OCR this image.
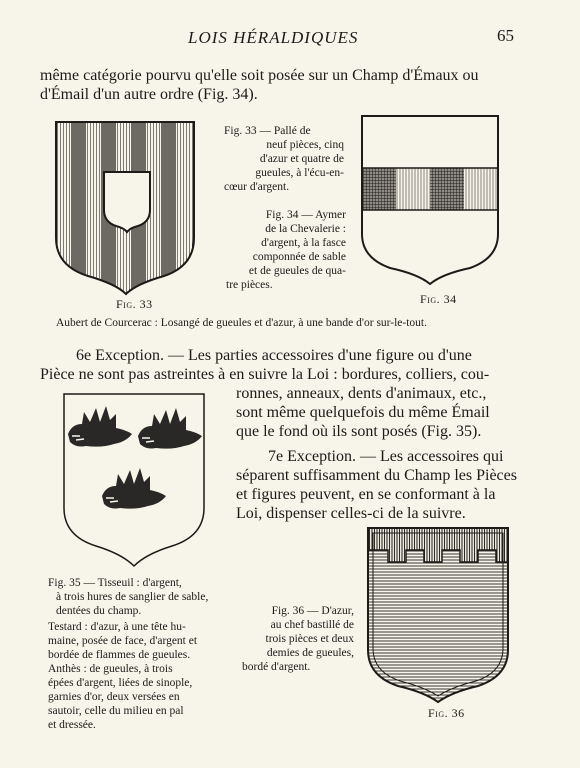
LOIS HÉRALDIQUES	65
même catégorie pourvu qu'elle soit posée sur un Champ d'Émaux ou
d'Émail d'un autre ordre (Fig. 34).
Fig. 33
Fig. 33 — Pallé de
neuf pièces, cinq
d'azur et quatre de
gueules, à l'écu-en-
cœur d'argent.
Fig. 34 — Aymer
de la Chevalerie :
d'argent, à la fasce
componnée de sable
et de gueules de qua-
tre pièces.
Fig. 34
Aubert de Courcerac : Losangé de gueules et d'azur, à une bande d'or sur-le-tout.
6e Exception. — Les parties accessoires d'une figure ou d'une
Pièce ne sont pas astreintes à en suivre la Loi : bordures, colliers, cou-
ronnes, anneaux, dents d'animaux, etc.,
sont même quelquefois du même Émail
que le fond où ils sont posés (Fig. 35).
7e Exception. — Les accessoires qui
séparent suffisamment du Champ les Pièces
et figures peuvent, en se conformant à la
Loi, dispenser celles-ci de la suivre.
Fig. 35 — Tisseuil : d'argent,
à trois hures de sanglier de sable,
dentées du champ.
Testard : d'azur, à une tête hu-
maine, posée de face, d'argent et
bordée de flammes de gueules.
Anthès : de gueules, à trois
épées d'argent, liées de sinople,
garnies d'or, deux versées en
sautoir, celle du milieu en pal
et dressée.
Fig. 36 — D'azur,
au chef bastillé de
trois pièces et deux
demies de gueules,
bordé d'argent.
Fig. 36
